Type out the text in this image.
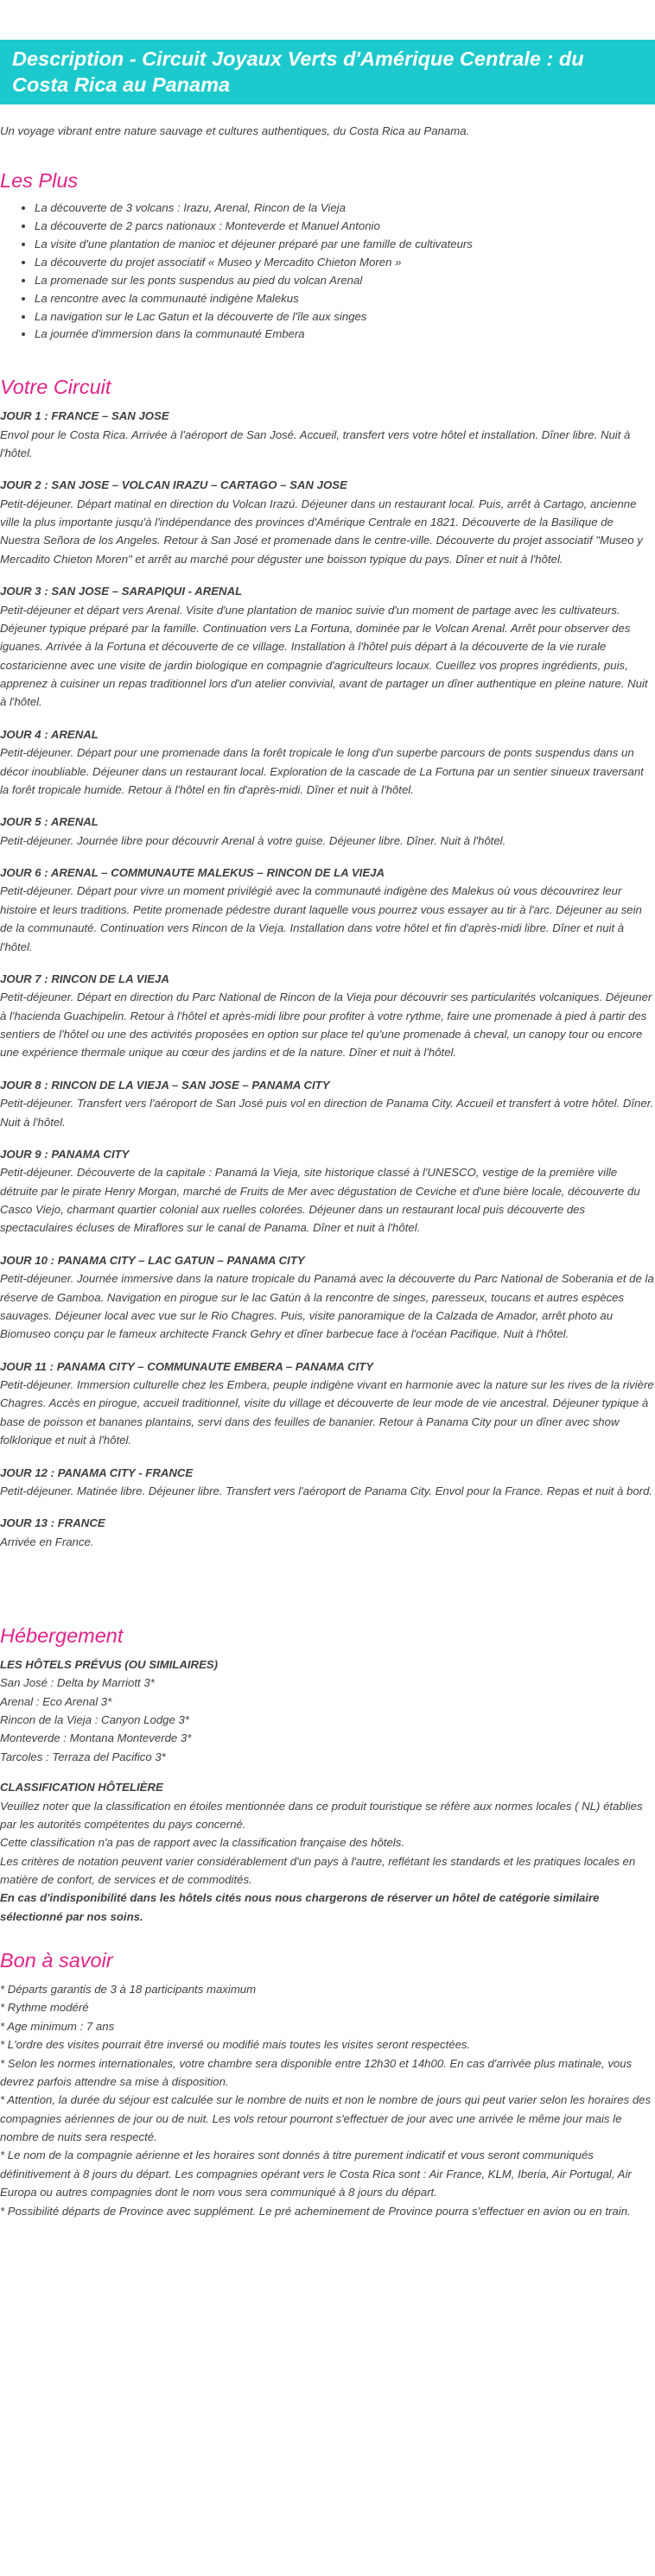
Description - Circuit Joyaux Verts d'Amérique Centrale : du Costa Rica au Panama
Un voyage vibrant entre nature sauvage et cultures authentiques, du Costa Rica au Panama.
Les Plus
• La découverte de 3 volcans : Irazu, Arenal, Rincon de la Vieja
• La découverte de 2 parcs nationaux : Monteverde et Manuel Antonio
• La visite d'une plantation de manioc et déjeuner préparé par une famille de cultivateurs
• La découverte du projet associatif « Museo y Mercadito Chieton Moren »
• La promenade sur les ponts suspendus au pied du volcan Arenal
• La rencontre avec la communauté indigène Malekus
• La navigation sur le Lac Gatun et la découverte de l'île aux singes
• La journée d'immersion dans la communauté Embera
Votre Circuit
JOUR 1 : FRANCE – SAN JOSE
Envol pour le Costa Rica. Arrivée à l'aéroport de San José. Accueil, transfert vers votre hôtel et installation. Dîner libre. Nuit à l'hôtel.
JOUR 2 : SAN JOSE – VOLCAN IRAZU – CARTAGO – SAN JOSE
Petit-déjeuner. Départ matinal en direction du Volcan Irazú. Déjeuner dans un restaurant local. Puis, arrêt à Cartago, ancienne ville la plus importante jusqu'à l'indépendance des provinces d'Amérique Centrale en 1821. Découverte de la Basilique de Nuestra Señora de los Angeles. Retour à San José et promenade dans le centre-ville. Découverte du projet associatif "Museo y Mercadito Chieton Moren" et arrêt au marché pour déguster une boisson typique du pays. Dîner et nuit à l'hôtel.
JOUR 3 : SAN JOSE – SARAPIQUI - ARENAL
Petit-déjeuner et départ vers Arenal. Visite d'une plantation de manioc suivie d'un moment de partage avec les cultivateurs. Déjeuner typique préparé par la famille. Continuation vers La Fortuna, dominée par le Volcan Arenal. Arrêt pour observer des iguanes. Arrivée à la Fortuna et découverte de ce village. Installation à l'hôtel puis départ à la découverte de la vie rurale costaricienne avec une visite de jardin biologique en compagnie d'agriculteurs locaux. Cueillez vos propres ingrédients, puis, apprenez à cuisiner un repas traditionnel lors d'un atelier convivial, avant de partager un dîner authentique en pleine nature. Nuit à l'hôtel.
JOUR 4 : ARENAL
Petit-déjeuner. Départ pour une promenade dans la forêt tropicale le long d'un superbe parcours de ponts suspendus dans un décor inoubliable. Déjeuner dans un restaurant local. Exploration de la cascade de La Fortuna par un sentier sinueux traversant la forêt tropicale humide. Retour à l'hôtel en fin d'après-midi. Dîner et nuit à l'hôtel.
JOUR 5 : ARENAL
Petit-déjeuner. Journée libre pour découvrir Arenal à votre guise. Déjeuner libre. Dîner. Nuit à l'hôtel.
JOUR 6 : ARENAL – COMMUNAUTE MALEKUS – RINCON DE LA VIEJA
Petit-déjeuner. Départ pour vivre un moment privilégié avec la communauté indigène des Malekus où vous découvrirez leur histoire et leurs traditions. Petite promenade pédestre durant laquelle vous pourrez vous essayer au tir à l'arc. Déjeuner au sein de la communauté. Continuation vers Rincon de la Vieja. Installation dans votre hôtel et fin d'après-midi libre. Dîner et nuit à l'hôtel.
JOUR 7 : RINCON DE LA VIEJA
Petit-déjeuner. Départ en direction du Parc National de Rincon de la Vieja pour découvrir ses particularités volcaniques. Déjeuner à l'hacienda Guachipelin. Retour à l'hôtel et après-midi libre pour profiter à votre rythme, faire une promenade à pied à partir des sentiers de l'hôtel ou une des activités proposées en option sur place tel qu'une promenade à cheval, un canopy tour ou encore une expérience thermale unique au cœur des jardins et de la nature. Dîner et nuit à l'hôtel.
JOUR 8 : RINCON DE LA VIEJA – SAN JOSE – PANAMA CITY
Petit-déjeuner. Transfert vers l'aéroport de San José puis vol en direction de Panama City. Accueil et transfert à votre hôtel. Dîner. Nuit à l'hôtel.
JOUR 9 : PANAMA CITY
Petit-déjeuner. Découverte de la capitale : Panamá la Vieja, site historique classé à l'UNESCO, vestige de la première ville détruite par le pirate Henry Morgan, marché de Fruits de Mer avec dégustation de Ceviche et d'une bière locale, découverte du Casco Viejo, charmant quartier colonial aux ruelles colorées. Déjeuner dans un restaurant local puis découverte des spectaculaires écluses de Miraflores sur le canal de Panama. Dîner et nuit à l'hôtel.
JOUR 10 : PANAMA CITY – LAC GATUN – PANAMA CITY
Petit-déjeuner. Journée immersive dans la nature tropicale du Panamá avec la découverte du Parc National de Soberania et de la réserve de Gamboa. Navigation en pirogue sur le lac Gatún à la rencontre de singes, paresseux, toucans et autres espèces sauvages. Déjeuner local avec vue sur le Rio Chagres. Puis, visite panoramique de la Calzada de Amador, arrêt photo au Biomuseo conçu par le fameux architecte Franck Gehry et dîner barbecue face à l'océan Pacifique. Nuit à l'hôtel.
JOUR 11 : PANAMA CITY – COMMUNAUTE EMBERA – PANAMA CITY
Petit-déjeuner. Immersion culturelle chez les Embera, peuple indigène vivant en harmonie avec la nature sur les rives de la rivière Chagres. Accès en pirogue, accueil traditionnel, visite du village et découverte de leur mode de vie ancestral. Déjeuner typique à base de poisson et bananes plantains, servi dans des feuilles de bananier. Retour à Panama City pour un dîner avec show folklorique et nuit à l'hôtel.
JOUR 12 : PANAMA CITY - FRANCE
Petit-déjeuner. Matinée libre. Déjeuner libre. Transfert vers l'aéroport de Panama City. Envol pour la France. Repas et nuit à bord.
JOUR 13 : FRANCE
Arrivée en France.
Hébergement
LES HÔTELS PRÉVUS (OU SIMILAIRES)
San José : Delta by Marriott 3*
Arenal : Eco Arenal 3*
Rincon de la Vieja : Canyon Lodge 3*
Monteverde : Montana Monteverde 3*
Tarcoles : Terraza del Pacifico 3*
CLASSIFICATION HÔTELIÈRE
Veuillez noter que la classification en étoiles mentionnée dans ce produit touristique se réfère aux normes locales ( NL) établies par les autorités compétentes du pays concerné.
Cette classification n'a pas de rapport avec la classification française des hôtels.
Les critères de notation peuvent varier considérablement d'un pays à l'autre, reflétant les standards et les pratiques locales en matière de confort, de services et de commodités.
En cas d'indisponibilité dans les hôtels cités nous nous chargerons de réserver un hôtel de catégorie similaire sélectionné par nos soins.
Bon à savoir
* Départs garantis de 3 à 18 participants maximum
* Rythme modéré
* Age minimum : 7 ans
* L'ordre des visites pourrait être inversé ou modifié mais toutes les visites seront respectées.
* Selon les normes internationales, votre chambre sera disponible entre 12h30 et 14h00. En cas d'arrivée plus matinale, vous devrez parfois attendre sa mise à disposition.
* Attention, la durée du séjour est calculée sur le nombre de nuits et non le nombre de jours qui peut varier selon les horaires des compagnies aériennes de jour ou de nuit. Les vols retour pourront s'effectuer de jour avec une arrivée le même jour mais le nombre de nuits sera respecté.
* Le nom de la compagnie aérienne et les horaires sont donnés à titre purement indicatif et vous seront communiqués définitivement à 8 jours du départ. Les compagnies opérant vers le Costa Rica sont : Air France, KLM, Iberia, Air Portugal, Air Europa ou autres compagnies dont le nom vous sera communiqué à 8 jours du départ.
* Possibilité départs de Province avec supplément. Le pré acheminement de Province pourra s'effectuer en avion ou en train.
